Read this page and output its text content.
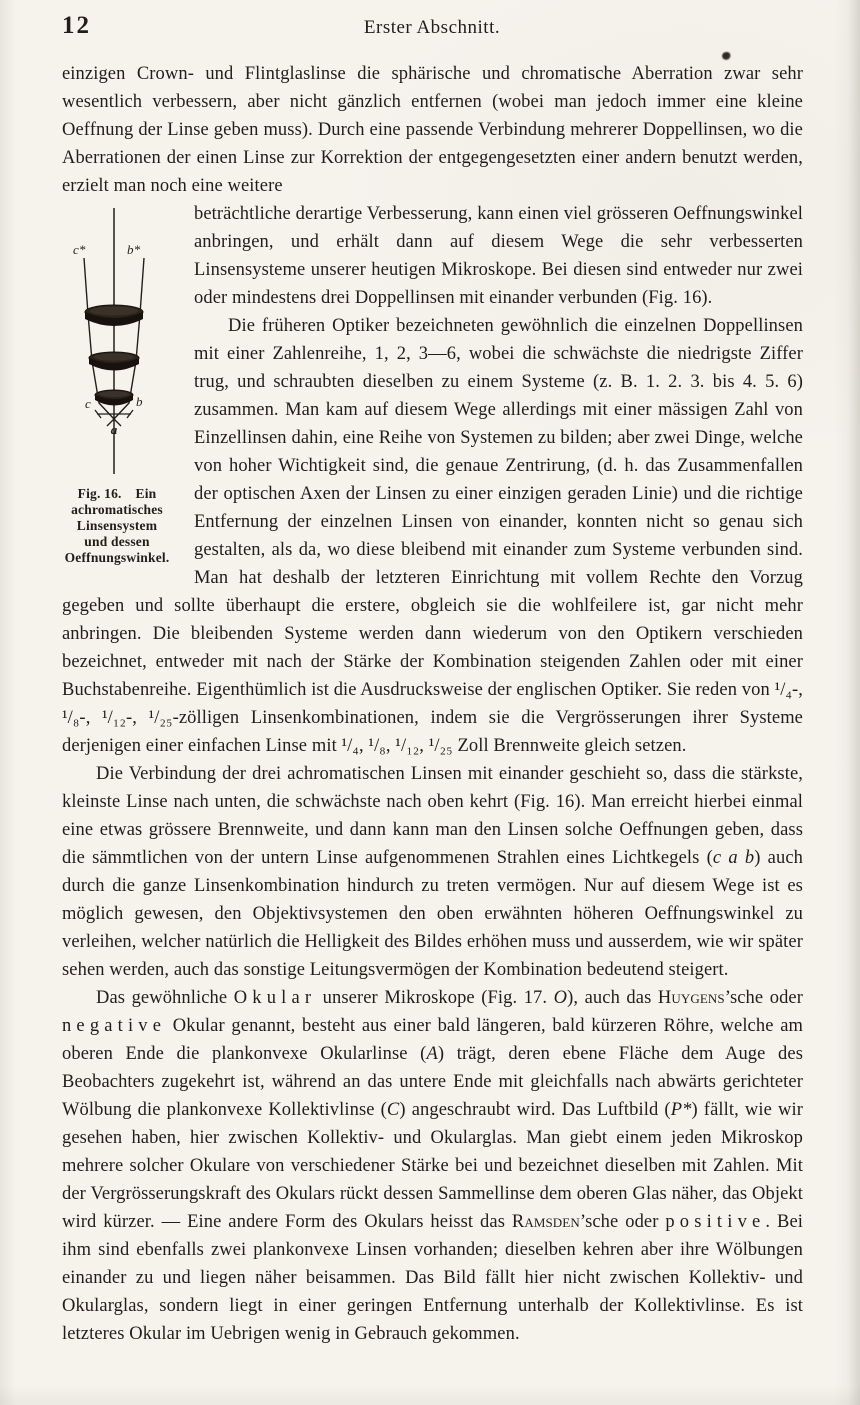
12	Erster Abschnitt.

einzigen Crown- und Flintglaslinse die sphärische und chromatische Aberration zwar sehr wesentlich verbessern, aber nicht gänzlich entfernen (wobei man jedoch immer eine kleine Oeffnung der Linse geben muss). Durch eine passende Verbindung mehrerer Doppellinsen, wo die Aberrationen der einen Linse zur Korrektion der entgegengesetzten einer andern benutzt werden, erzielt man noch eine weitere

c*	b*
c	b
a
Fig. 16.  Ein
achromatisches
Linsensystem
und dessen
Oeffnungswinkel.

beträchtliche derartige Verbesserung, kann einen viel grösseren Oeffnungswinkel anbringen, und erhält dann auf diesem Wege die sehr verbesserten Linsensysteme unserer heutigen Mikroskope. Bei diesen sind entweder nur zwei oder mindestens drei Doppellinsen mit einander verbunden (Fig. 16).

Die früheren Optiker bezeichneten gewöhnlich die einzelnen Doppellinsen mit einer Zahlenreihe, 1, 2, 3—6, wobei die schwächste die niedrigste Ziffer trug, und schraubten dieselben zu einem Systeme (z. B. 1. 2. 3. bis 4. 5. 6) zusammen. Man kam auf diesem Wege allerdings mit einer mässigen Zahl von Einzellinsen dahin, eine Reihe von Systemen zu bilden; aber zwei Dinge, welche von hoher Wichtigkeit sind, die genaue Zentrirung, (d. h. das Zusammenfallen der optischen Axen der Linsen zu einer einzigen geraden Linie) und die richtige Entfernung der einzelnen Linsen von einander, konnten nicht so genau sich gestalten, als da, wo diese bleibend mit einander zum Systeme verbunden sind. Man hat deshalb der letzteren Einrichtung mit vollem Rechte den Vorzug gegeben und sollte überhaupt die erstere, obgleich sie die wohlfeilere ist, gar nicht mehr anbringen. Die bleibenden Systeme werden dann wiederum von den Optikern verschieden bezeichnet, entweder mit nach der Stärke der Kombination steigenden Zahlen oder mit einer Buchstabenreihe. Eigenthümlich ist die Ausdrucksweise der englischen Optiker. Sie reden von ¹/₄-, ¹/₈-, ¹/₁₂-, ¹/₂₅-zölligen Linsenkombinationen, indem sie die Vergrösserungen ihrer Systeme derjenigen einer einfachen Linse mit ¹/₄, ¹/₈, ¹/₁₂, ¹/₂₅ Zoll Brennweite gleich setzen.

Die Verbindung der drei achromatischen Linsen mit einander geschieht so, dass die stärkste, kleinste Linse nach unten, die schwächste nach oben kehrt (Fig. 16). Man erreicht hierbei einmal eine etwas grössere Brennweite, und dann kann man den Linsen solche Oeffnungen geben, dass die sämmtlichen von der untern Linse aufgenommenen Strahlen eines Lichtkegels (c a b) auch durch die ganze Linsenkombination hindurch zu treten vermögen. Nur auf diesem Wege ist es möglich gewesen, den Objektivsystemen den oben erwähnten höheren Oeffnungswinkel zu verleihen, welcher natürlich die Helligkeit des Bildes erhöhen muss und ausserdem, wie wir später sehen werden, auch das sonstige Leitungsvermögen der Kombination bedeutend steigert.

Das gewöhnliche Okular unserer Mikroskope (Fig. 17. O), auch das Huygens’sche oder negative Okular genannt, besteht aus einer bald längeren, bald kürzeren Röhre, welche am oberen Ende die plankonvexe Okularlinse (A) trägt, deren ebene Fläche dem Auge des Beobachters zugekehrt ist, während an das untere Ende mit gleichfalls nach abwärts gerichteter Wölbung die plankonvexe Kollektivlinse (C) angeschraubt wird. Das Luftbild (P*) fällt, wie wir gesehen haben, hier zwischen Kollektiv- und Okularglas. Man giebt einem jeden Mikroskop mehrere solcher Okulare von verschiedener Stärke bei und bezeichnet dieselben mit Zahlen. Mit der Vergrösserungskraft des Okulars rückt dessen Sammellinse dem oberen Glas näher, das Objekt wird kürzer. — Eine andere Form des Okulars heisst das Ramsden’sche oder positive. Bei ihm sind ebenfalls zwei plankonvexe Linsen vorhanden; dieselben kehren aber ihre Wölbungen einander zu und liegen näher beisammen. Das Bild fällt hier nicht zwischen Kollektiv- und Okularglas, sondern liegt in einer geringen Entfernung unterhalb der Kollektivlinse. Es ist letzteres Okular im Uebrigen wenig in Gebrauch gekommen.
